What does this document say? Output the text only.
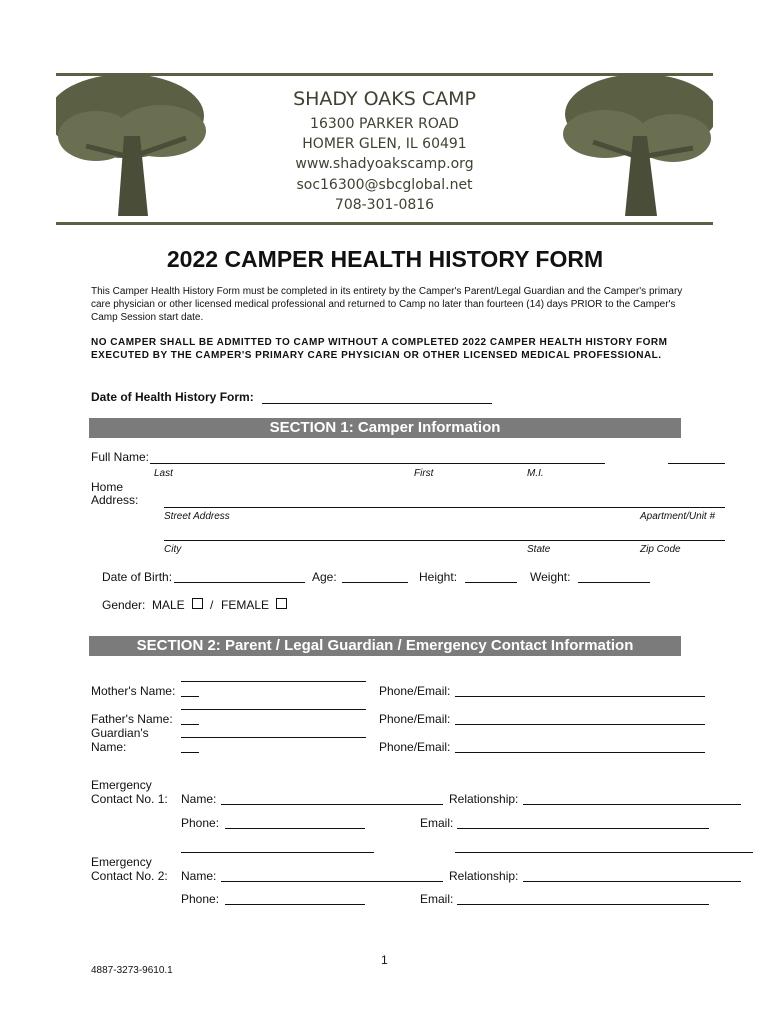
SHADY OAKS CAMP
16300 PARKER ROAD
HOMER GLEN, IL 60491
www.shadyoakscamp.org
soc16300@sbcglobal.net
708-301-0816
2022 CAMPER HEALTH HISTORY FORM
This Camper Health History Form must be completed in its entirety by the Camper's Parent/Legal Guardian and the Camper's primary care physician or other licensed medical professional and returned to Camp no later than fourteen (14) days PRIOR to the Camper's Camp Session start date.
NO CAMPER SHALL BE ADMITTED TO CAMP WITHOUT A COMPLETED 2022 CAMPER HEALTH HISTORY FORM EXECUTED BY THE CAMPER'S PRIMARY CARE PHYSICIAN OR OTHER LICENSED MEDICAL PROFESSIONAL.
Date of Health History Form:
SECTION 1: Camper Information
Full Name:
Last	First	M.I.
Home
Address:
Street Address	Apartment/Unit #
City	State	Zip Code
Date of Birth:	Age:	Height:	Weight:
Gender: MALE / FEMALE
SECTION 2: Parent / Legal Guardian / Emergency Contact Information
Mother's Name:	Phone/Email:
Father's Name:	Phone/Email:
Guardian's
Name:	Phone/Email:
Emergency
Contact No. 1: Name:	Relationship:
Phone:	Email:
Emergency
Contact No. 2: Name:	Relationship:
Phone:	Email:
1
4887-3273-9610.1
